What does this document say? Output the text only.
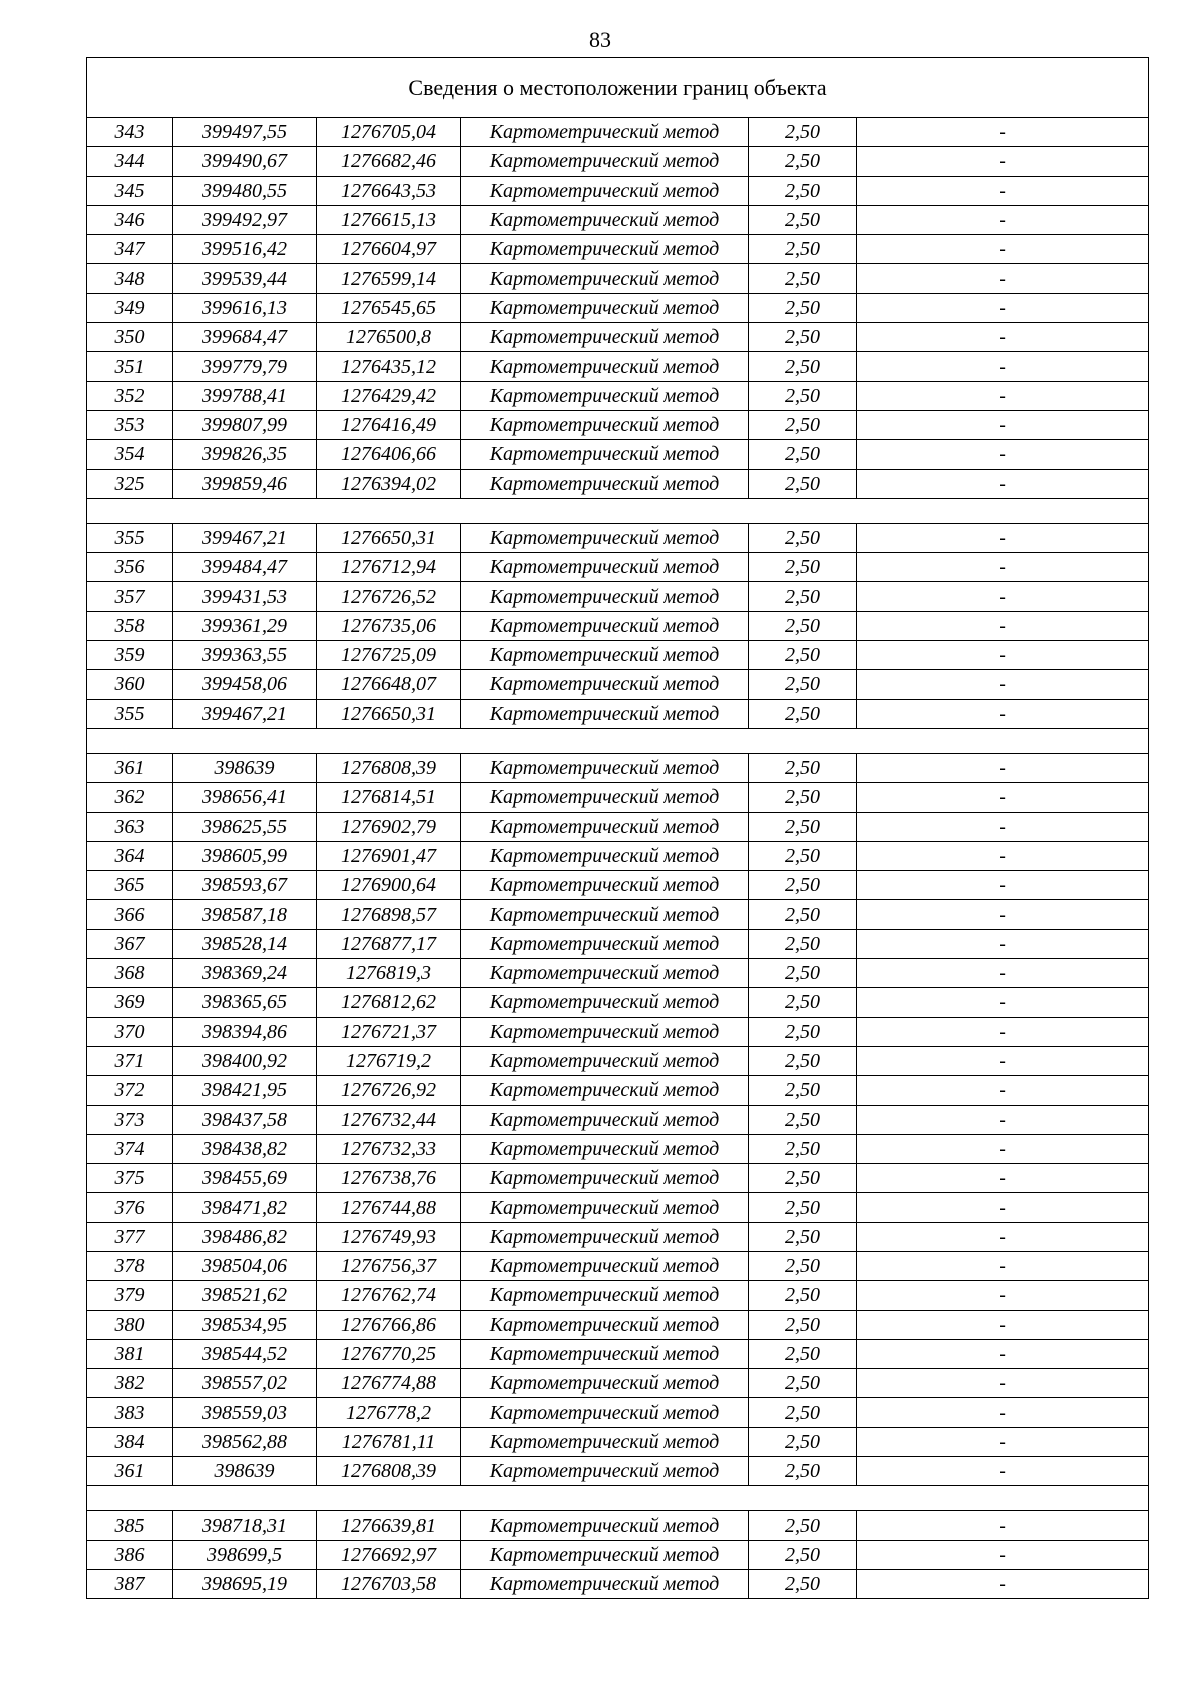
83
Сведения о местоположении границ объекта					
343	399497,55	1276705,04	Картометрический метод	2,50	-
344	399490,67	1276682,46	Картометрический метод	2,50	-
345	399480,55	1276643,53	Картометрический метод	2,50	-
346	399492,97	1276615,13	Картометрический метод	2,50	-
347	399516,42	1276604,97	Картометрический метод	2,50	-
348	399539,44	1276599,14	Картометрический метод	2,50	-
349	399616,13	1276545,65	Картометрический метод	2,50	-
350	399684,47	1276500,8	Картометрический метод	2,50	-
351	399779,79	1276435,12	Картометрический метод	2,50	-
352	399788,41	1276429,42	Картометрический метод	2,50	-
353	399807,99	1276416,49	Картометрический метод	2,50	-
354	399826,35	1276406,66	Картометрический метод	2,50	-
325	399859,46	1276394,02	Картометрический метод	2,50	-

355	399467,21	1276650,31	Картометрический метод	2,50	-
356	399484,47	1276712,94	Картометрический метод	2,50	-
357	399431,53	1276726,52	Картометрический метод	2,50	-
358	399361,29	1276735,06	Картометрический метод	2,50	-
359	399363,55	1276725,09	Картометрический метод	2,50	-
360	399458,06	1276648,07	Картометрический метод	2,50	-
355	399467,21	1276650,31	Картометрический метод	2,50	-

361	398639	1276808,39	Картометрический метод	2,50	-
362	398656,41	1276814,51	Картометрический метод	2,50	-
363	398625,55	1276902,79	Картометрический метод	2,50	-
364	398605,99	1276901,47	Картометрический метод	2,50	-
365	398593,67	1276900,64	Картометрический метод	2,50	-
366	398587,18	1276898,57	Картометрический метод	2,50	-
367	398528,14	1276877,17	Картометрический метод	2,50	-
368	398369,24	1276819,3	Картометрический метод	2,50	-
369	398365,65	1276812,62	Картометрический метод	2,50	-
370	398394,86	1276721,37	Картометрический метод	2,50	-
371	398400,92	1276719,2	Картометрический метод	2,50	-
372	398421,95	1276726,92	Картометрический метод	2,50	-
373	398437,58	1276732,44	Картометрический метод	2,50	-
374	398438,82	1276732,33	Картометрический метод	2,50	-
375	398455,69	1276738,76	Картометрический метод	2,50	-
376	398471,82	1276744,88	Картометрический метод	2,50	-
377	398486,82	1276749,93	Картометрический метод	2,50	-
378	398504,06	1276756,37	Картометрический метод	2,50	-
379	398521,62	1276762,74	Картометрический метод	2,50	-
380	398534,95	1276766,86	Картометрический метод	2,50	-
381	398544,52	1276770,25	Картометрический метод	2,50	-
382	398557,02	1276774,88	Картометрический метод	2,50	-
383	398559,03	1276778,2	Картометрический метод	2,50	-
384	398562,88	1276781,11	Картометрический метод	2,50	-
361	398639	1276808,39	Картометрический метод	2,50	-

385	398718,31	1276639,81	Картометрический метод	2,50	-
386	398699,5	1276692,97	Картометрический метод	2,50	-
387	398695,19	1276703,58	Картометрический метод	2,50	-
